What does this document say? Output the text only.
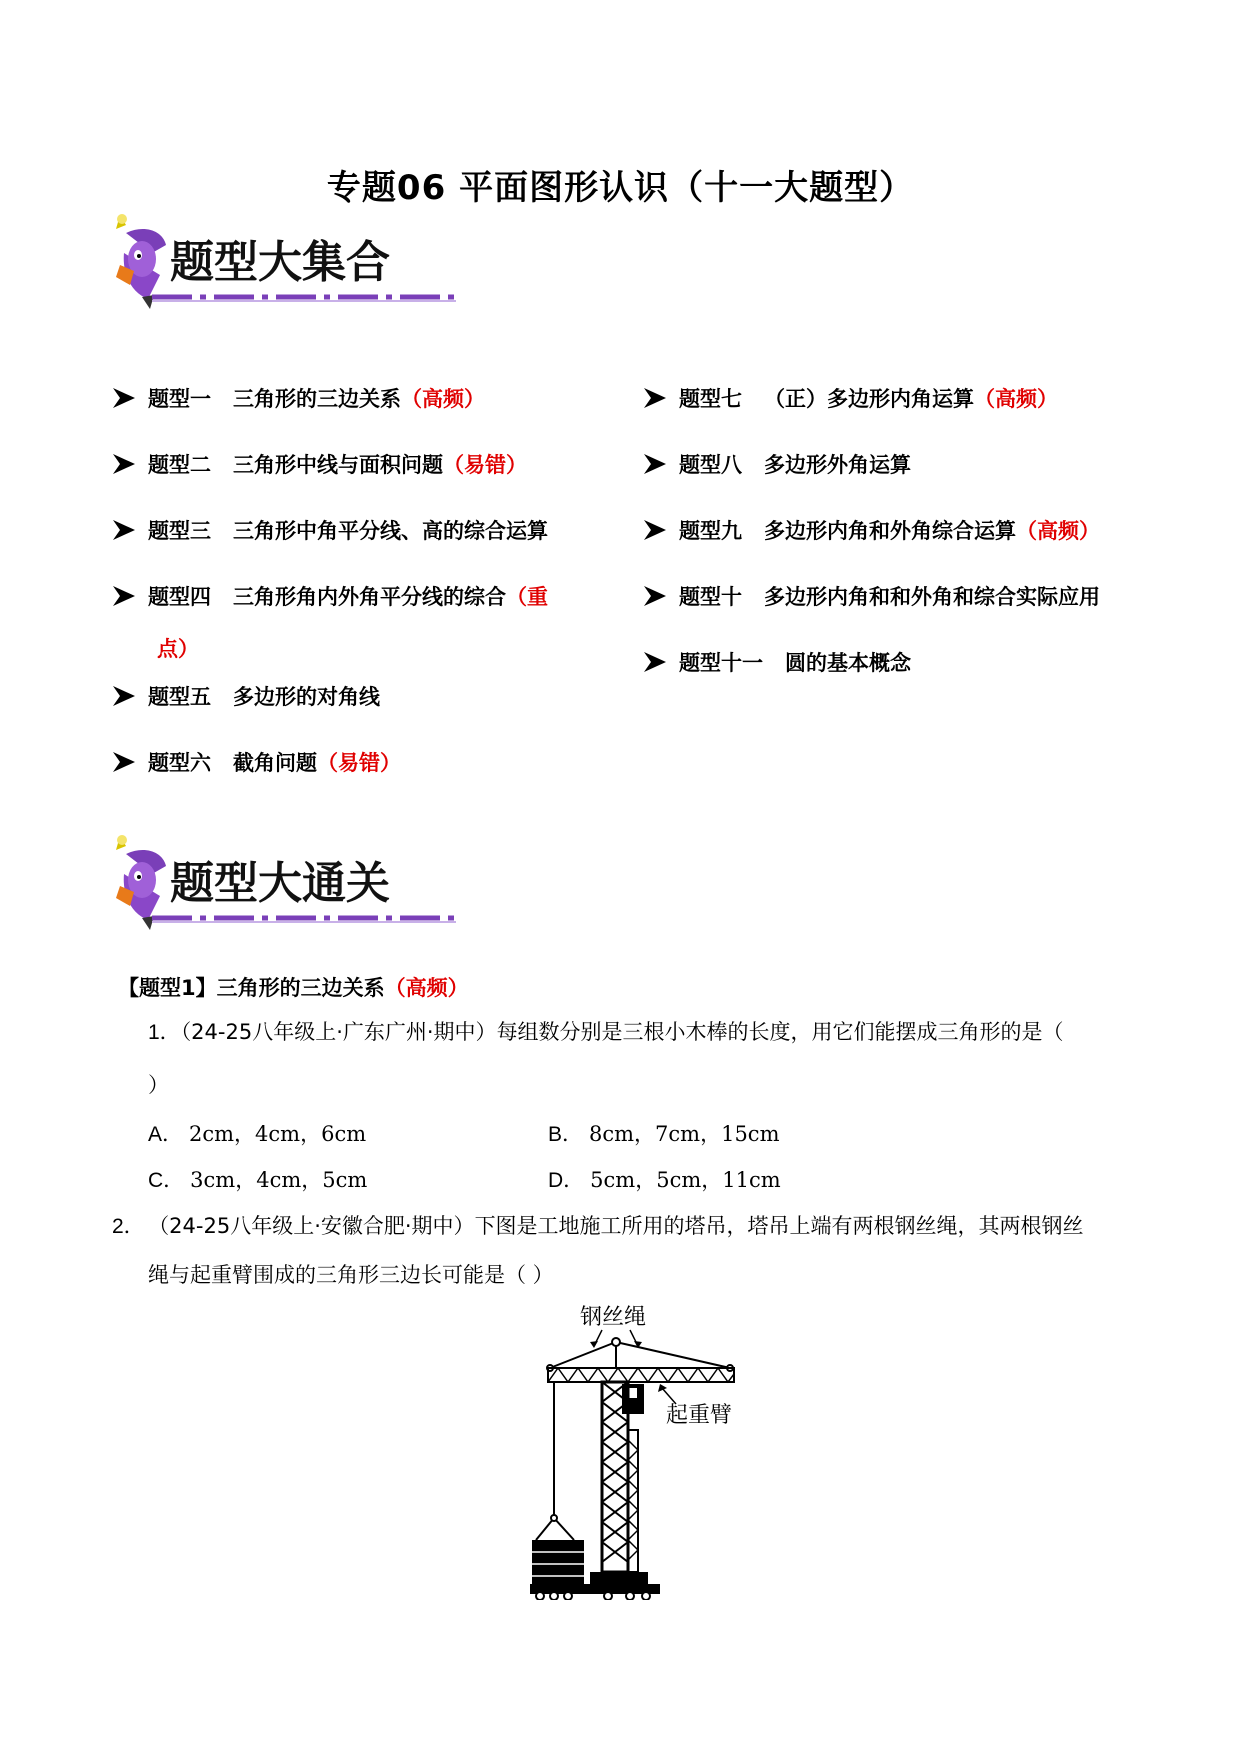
专题06 平面图形认识（十一大题型）
题型大集合
题型一 三角形的三边关系（高频）
题型二 三角形中线与面积问题（易错）
题型三 三角形中角平分线、高的综合运算
题型四 三角形角内外角平分线的综合（重
点）
题型五 多边形的对角线
题型六 截角问题（易错）
题型七 （正）多边形内角运算（高频）
题型八 多边形外角运算
题型九 多边形内角和外角综合运算（高频）
题型十 多边形内角和和外角和综合实际应用
题型十一 圆的基本概念
题型大通关
【题型1】三角形的三边关系（高频）
1．（24-25八年级上·广东广州·期中）每组数分别是三根小木棒的长度，用它们能摆成三角形的是（
）
A． 2cm，4cm，6cm	B． 8cm，7cm，15cm
C． 3cm，4cm，5cm	D． 5cm，5cm，11cm
2． （24-25八年级上·安徽合肥·期中）下图是工地施工所用的塔吊，塔吊上端有两根钢丝绳，其两根钢丝
绳与起重臂围成的三角形三边长可能是（ ）
钢丝绳
起重臂
